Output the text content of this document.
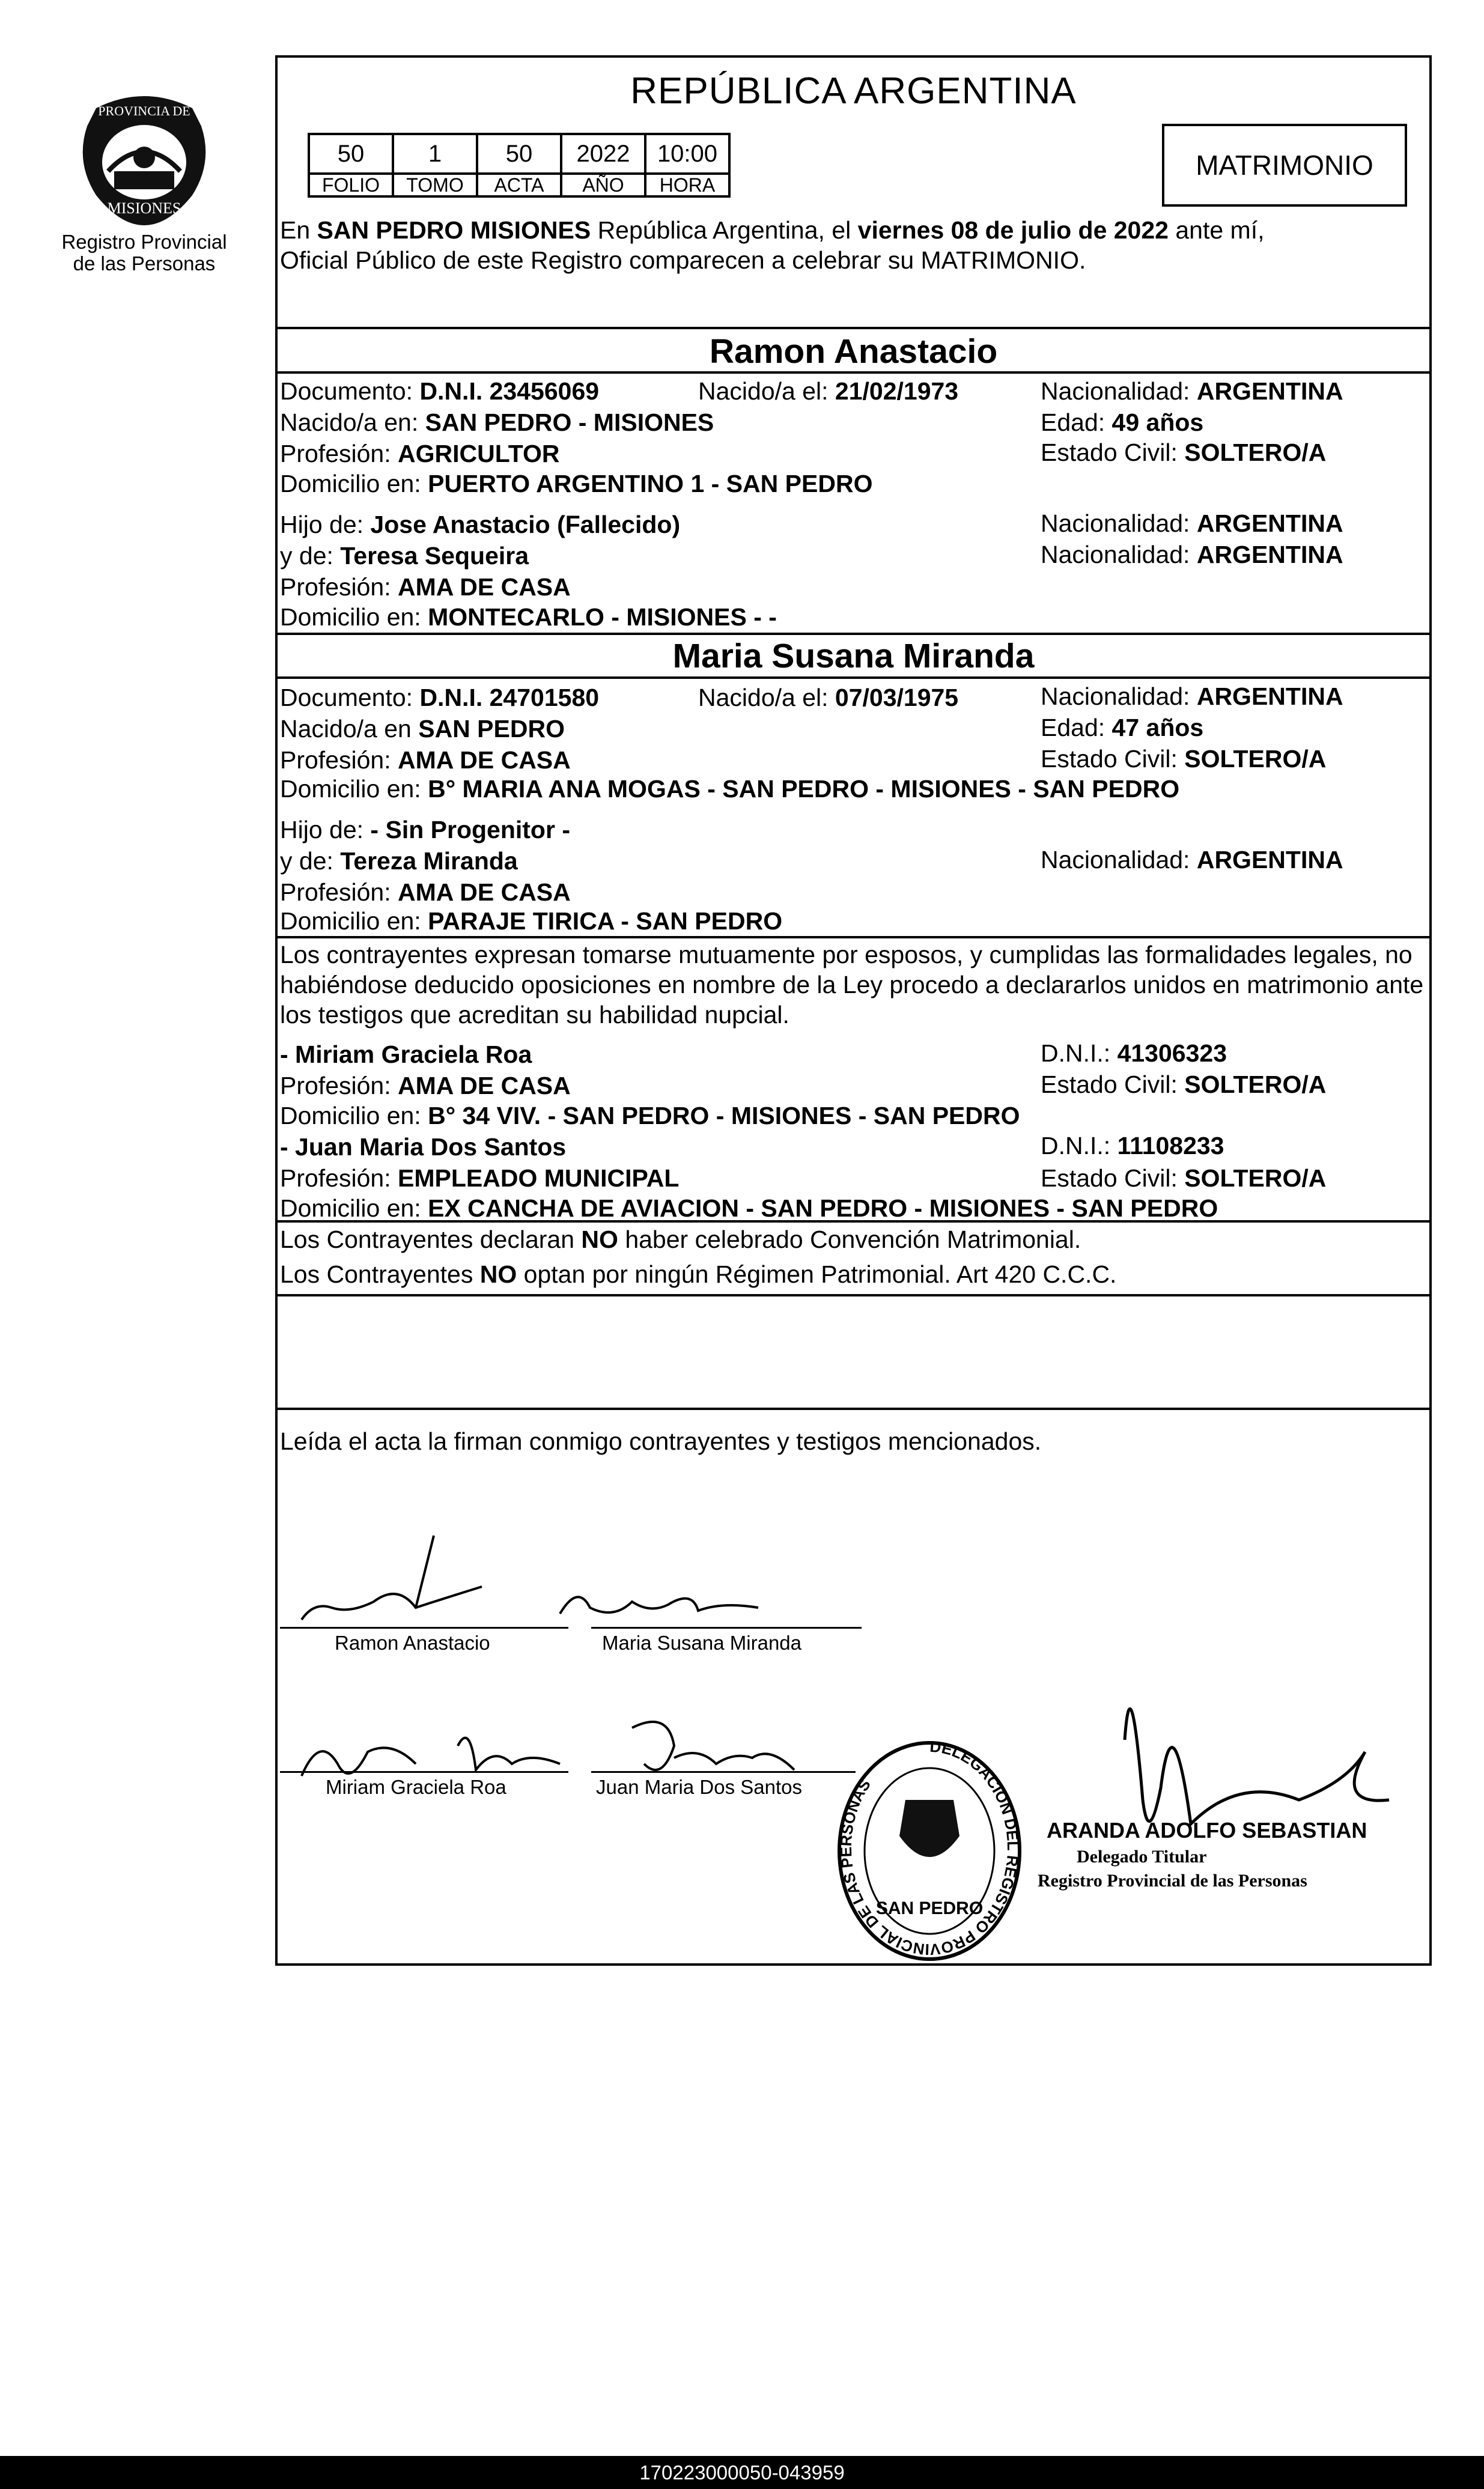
PROVINCIA DE
MISIONES
Registro Provincial
de las Personas
REPÚBLICA ARGENTINA
50	1	50	2022	10:00
FOLIO	TOMO	ACTA	AÑO	HORA
MATRIMONIO
En SAN PEDRO MISIONES República Argentina, el viernes 08 de julio de 2022 ante mí,
Oficial Público de este Registro comparecen a celebrar su MATRIMONIO.
Ramon Anastacio
Documento: D.N.I. 23456069	Nacido/a el: 21/02/1973	Nacionalidad: ARGENTINA
Nacido/a en: SAN PEDRO - MISIONES	Edad: 49 años
Profesión: AGRICULTOR	Estado Civil: SOLTERO/A
Domicilio en: PUERTO ARGENTINO 1 - SAN PEDRO
Hijo de: Jose Anastacio (Fallecido)	Nacionalidad: ARGENTINA
y de: Teresa Sequeira	Nacionalidad: ARGENTINA
Profesión: AMA DE CASA
Domicilio en: MONTECARLO - MISIONES - -
Maria Susana Miranda
Documento: D.N.I. 24701580	Nacido/a el: 07/03/1975	Nacionalidad: ARGENTINA
Nacido/a en SAN PEDRO	Edad: 47 años
Profesión: AMA DE CASA	Estado Civil: SOLTERO/A
Domicilio en: B° MARIA ANA MOGAS - SAN PEDRO - MISIONES - SAN PEDRO
Hijo de: - Sin Progenitor -
y de: Tereza Miranda	Nacionalidad: ARGENTINA
Profesión: AMA DE CASA
Domicilio en: PARAJE TIRICA - SAN PEDRO
Los contrayentes expresan tomarse mutuamente por esposos, y cumplidas las formalidades legales, no
habiéndose deducido oposiciones en nombre de la Ley procedo a declararlos unidos en matrimonio ante
los testigos que acreditan su habilidad nupcial.
- Miriam Graciela Roa	D.N.I.: 41306323
Profesión: AMA DE CASA	Estado Civil: SOLTERO/A
Domicilio en: B° 34 VIV. - SAN PEDRO - MISIONES - SAN PEDRO
- Juan Maria Dos Santos	D.N.I.: 11108233
Profesión: EMPLEADO MUNICIPAL	Estado Civil: SOLTERO/A
Domicilio en: EX CANCHA DE AVIACION - SAN PEDRO - MISIONES - SAN PEDRO
Los Contrayentes declaran NO haber celebrado Convención Matrimonial.
Los Contrayentes NO optan por ningún Régimen Patrimonial. Art 420 C.C.C.
Leída el acta la firman conmigo contrayentes y testigos mencionados.
Ramon Anastacio	Maria Susana Miranda
Miriam Graciela Roa	Juan Maria Dos Santos
DELEGACION DEL REGISTRO PROVINCIAL DE LAS PERSONAS
SAN PEDRO
ARANDA ADOLFO SEBASTIAN
Delegado Titular
Registro Provincial de las Personas
170223000050-043959
